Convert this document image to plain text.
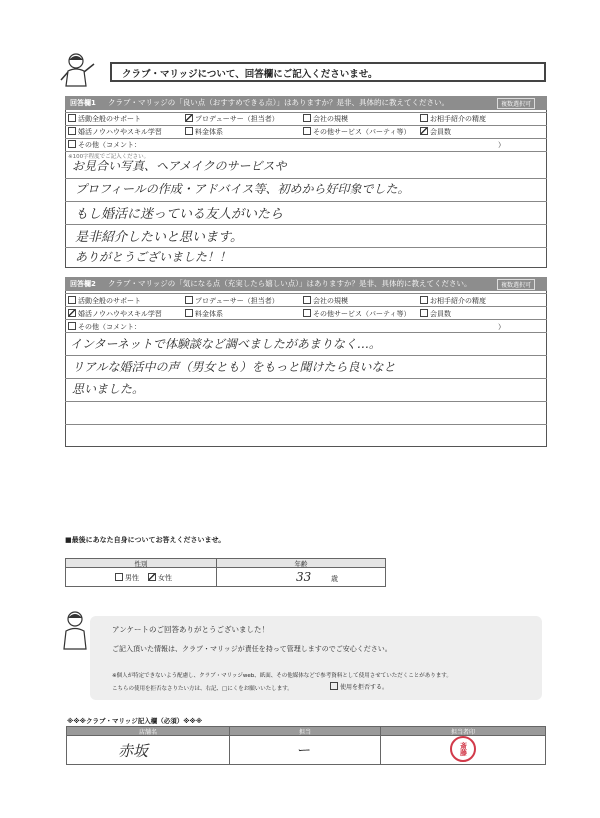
クラブ・マリッジについて、回答欄にご記入くださいませ。
回答欄1 クラブ・マリッジの「良い点（おすすめできる点）」はありますか？是非、具体的に教えてください。	複数選択可
活動全般のサポート	プロデューサー（担当者）	会社の規模	お相手紹介の精度
婚活ノウハウやスキル学習	料金体系	その他サービス（パーティ等）	会員数
その他（コメント：	）
※100字程度でご記入ください。
お見合い写真、ヘアメイクのサービスや
プロフィールの作成・アドバイス等、初めから好印象でした。
もし婚活に迷っている友人がいたら
是非紹介したいと思います。
ありがとうございました！！
回答欄2 クラブ・マリッジの「気になる点（充実したら嬉しい点）」はありますか？是非、具体的に教えてください。	複数選択可
活動全般のサポート	プロデューサー（担当者）	会社の規模	お相手紹介の精度
婚活ノウハウやスキル学習	料金体系	その他サービス（パーティ等）	会員数
その他（コメント：	）
インターネットで体験談など調べましたがあまりなく…。
リアルな婚活中の声（男女とも）をもっと聞けたら良いなと
思いました。
■最後にあなた自身についてお答えくださいませ。
性別	年齢
男性	女性	33	歳
アンケートのご回答ありがとうございました！
ご記入頂いた情報は、クラブ・マリッジが責任を持って管理しますのでご安心ください。
※個人が特定できないよう配慮し、クラブ・マリッジweb、紙面、その他媒体などで参考資料として使用させていただくことがあります。
こちらの使用を拒否なさりたい方は、右記、□にくをお願いいたします。	使用を拒否する。
※※※クラブ・マリッジ記入欄（必須）※※※
店舗名	担当	担当者印
赤坂	ー	斎藤
